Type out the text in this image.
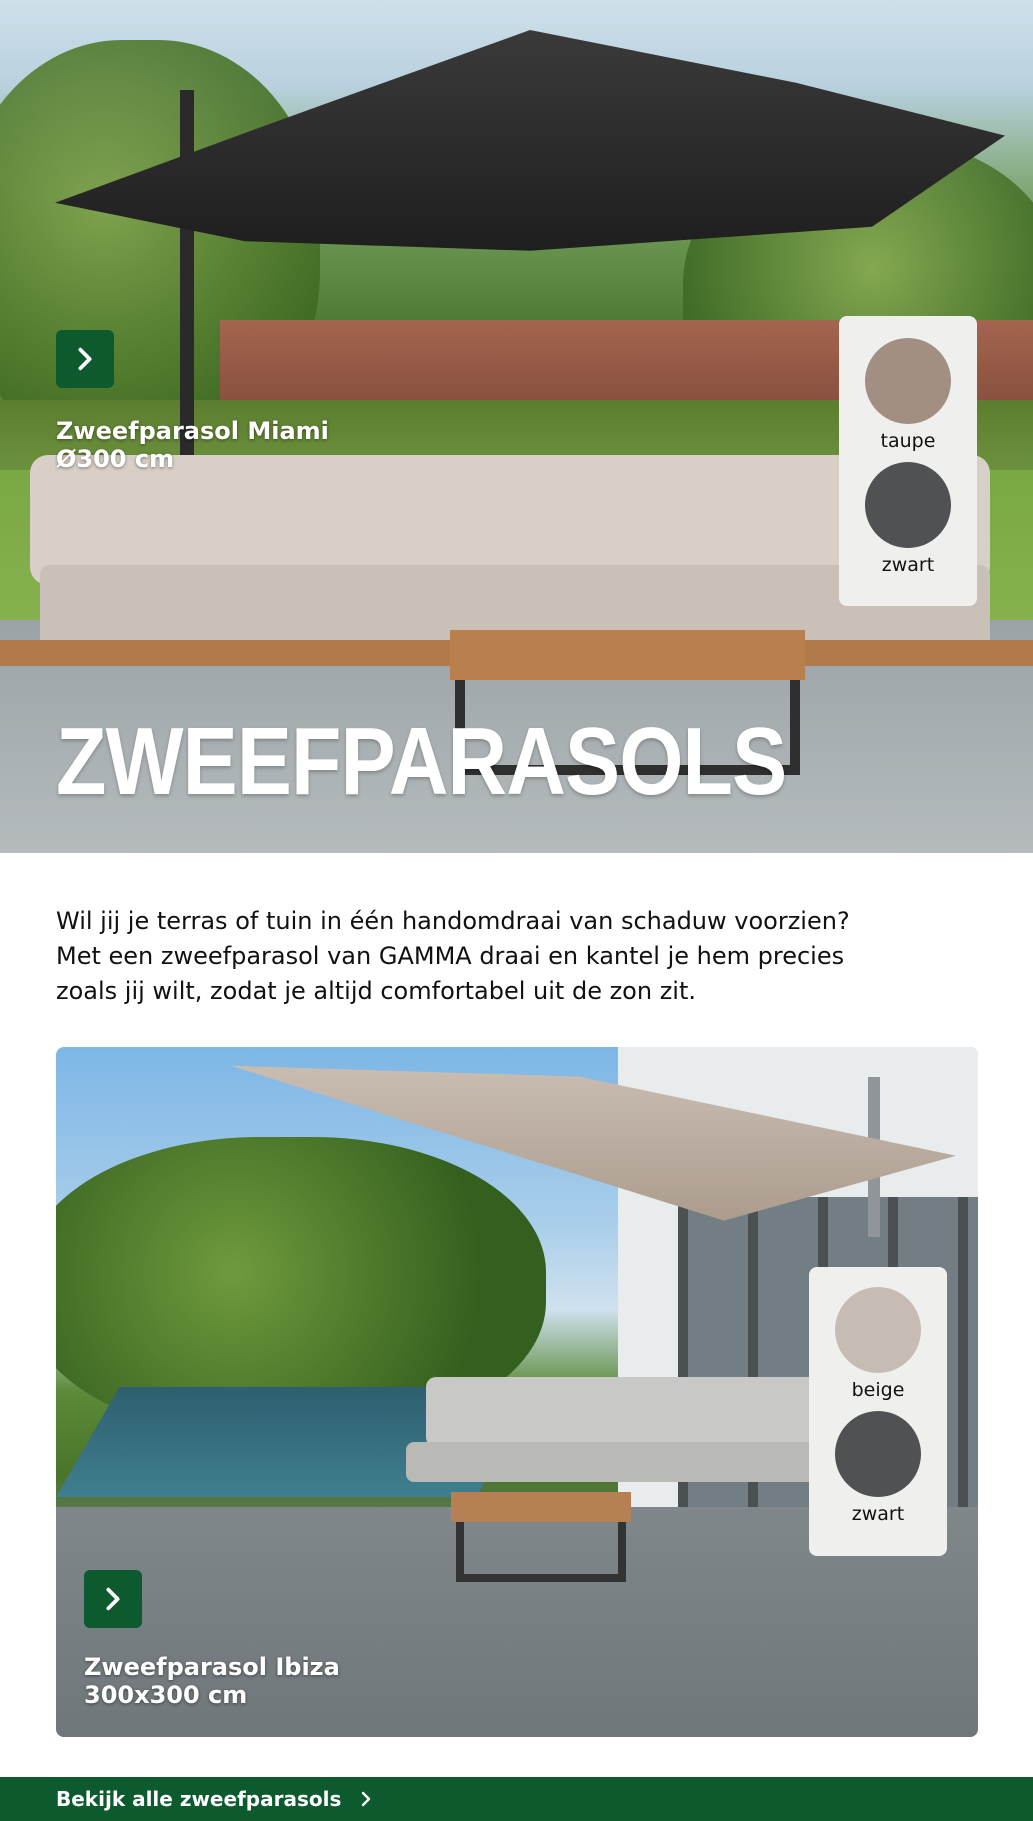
Zweefparasol Miami
Ø300 cm
taupe
zwart
ZWEEFPARASOLS

Wil jij je terras of tuin in één handomdraai van schaduw voorzien?

Met een zweefparasol van GAMMA draai en kantel je hem precies

zoals jij wilt, zodat je altijd comfortabel uit de zon zit.

Zweefparasol Ibiza
300x300 cm
beige
zwart
Bekijk alle zweefparasols
